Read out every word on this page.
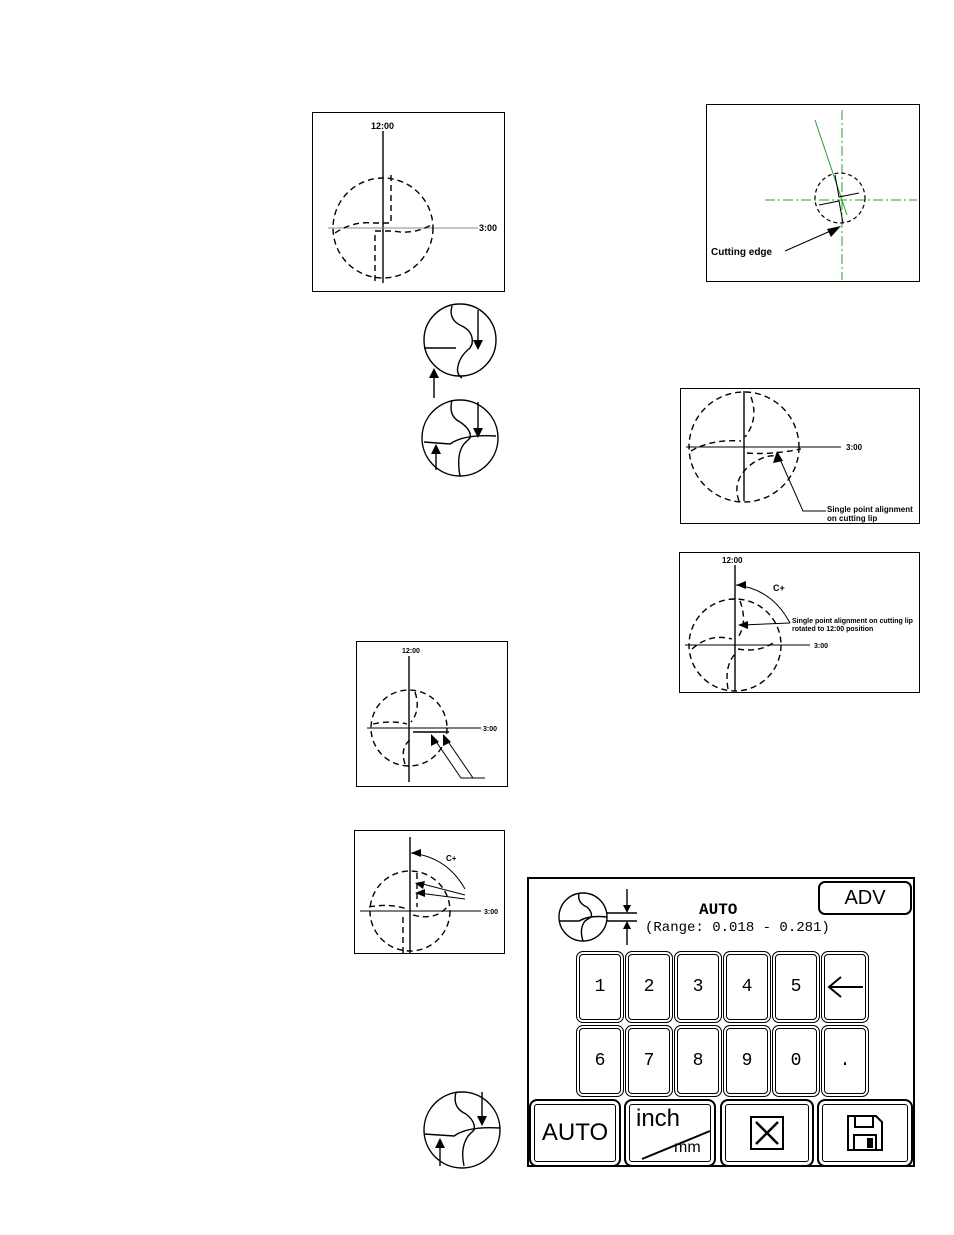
12:00
3:00
Cutting edge
3:00
Single point alignment
on cutting lip
12:00
C+
Single point alignment on cutting lip
rotated to 12:00 position
3:00
12:00
3:00
C+
3:00	AUTO
(Range: 0.018 - 0.281)
ADV
1 2 3 4 5
6 7 8 9 0 .
AUTO
inch
mm
